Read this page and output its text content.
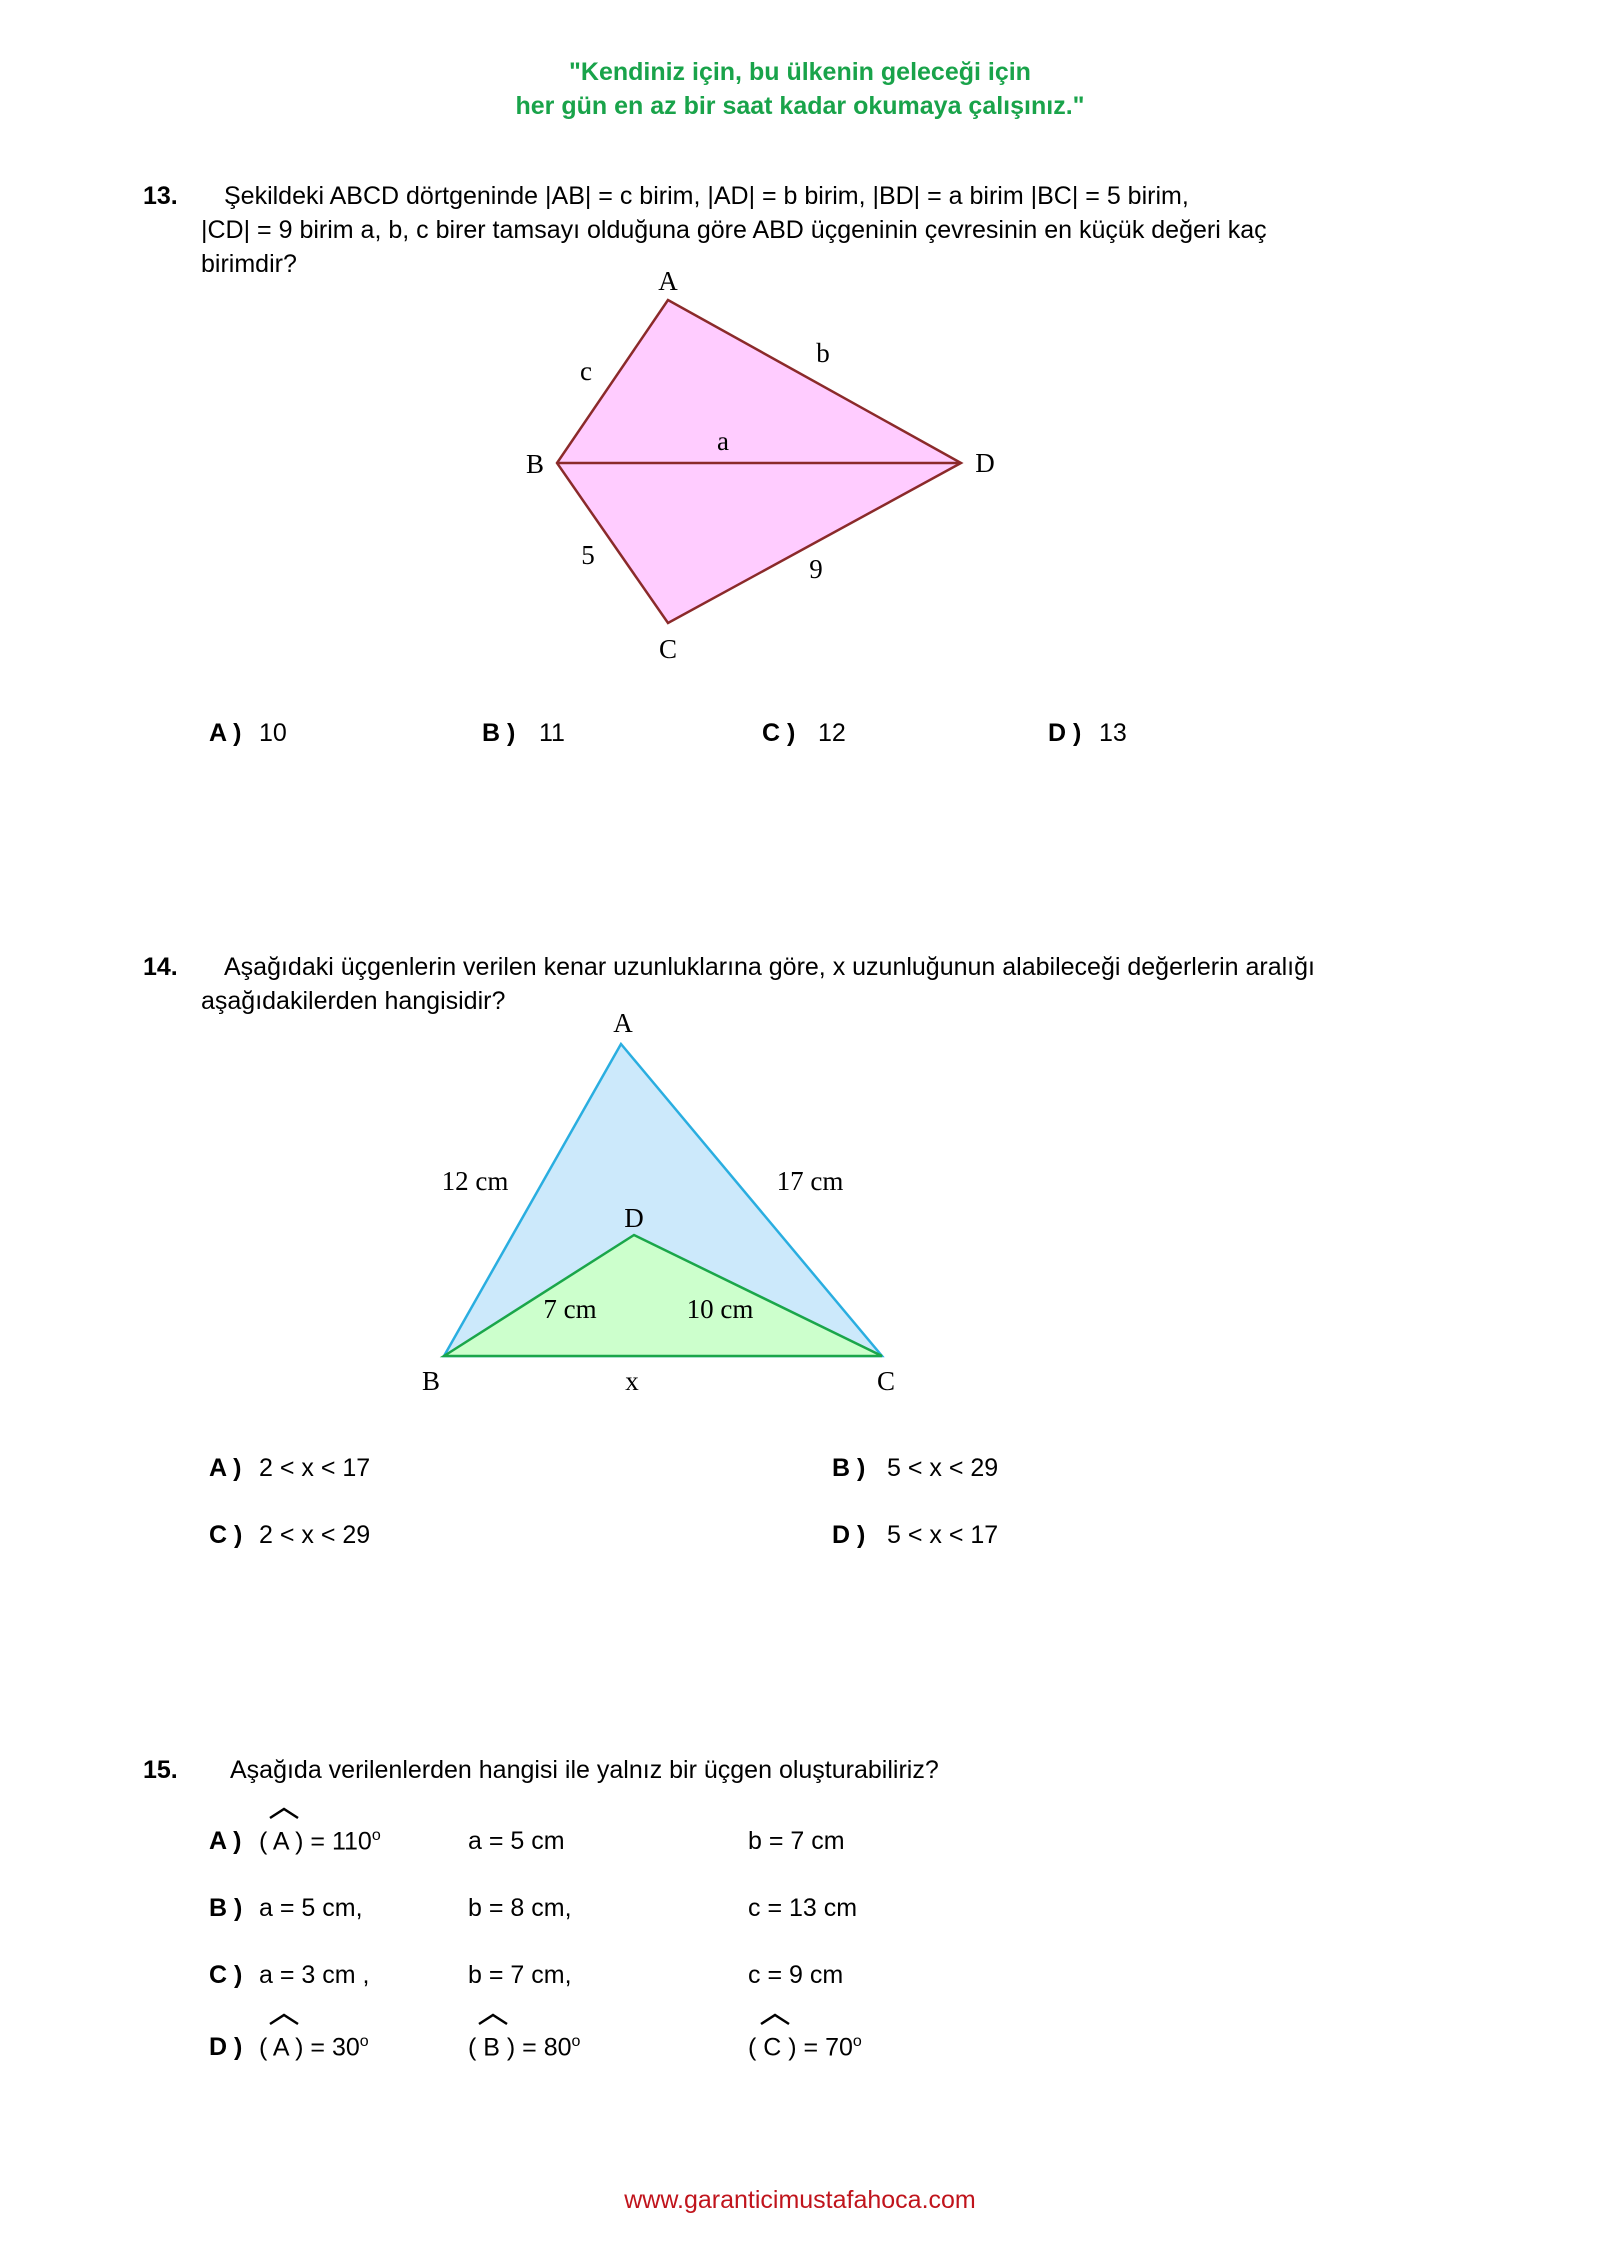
"Kendiniz için, bu ülkenin geleceği için
her gün en az bir saat kadar okumaya çalışınız."
13. Şekildeki ABCD dörtgeninde |AB| = c birim, |AD| = b birim, |BD| = a birim |BC| = 5 birim,
|CD| = 9 birim a, b, c birer tamsayı olduğuna göre ABD üçgeninin çevresinin en küçük değeri kaç
birimdir?
A
B
C
D
c
b
a
5	9
A ) 10	B ) 11	C ) 12	D ) 13
14. Aşağıdaki üçgenlerin verilen kenar uzunluklarına göre, x uzunluğunun alabileceği değerlerin aralığı
aşağıdakilerden hangisidir?
A
B	C
D
12 cm	17 cm
7 cm	10 cm
x
A ) 2 < x < 17	B ) 5 < x < 29
C ) 2 < x < 29	D ) 5 < x < 17
15. Aşağıda verilenlerden hangisi ile yalnız bir üçgen oluşturabiliriz?
A ) ( A ) = $110^o$	a = 5 cm	b = 7 cm
B ) a = 5 cm,	b = 8 cm,	c = 13 cm
C ) a = 3 cm ,	b = 7 cm,	c = 9 cm
D ) ( A ) = $30^o$	( B ) = $80^o$	( C ) = $70^o$
www.garanticimustafahoca.com
